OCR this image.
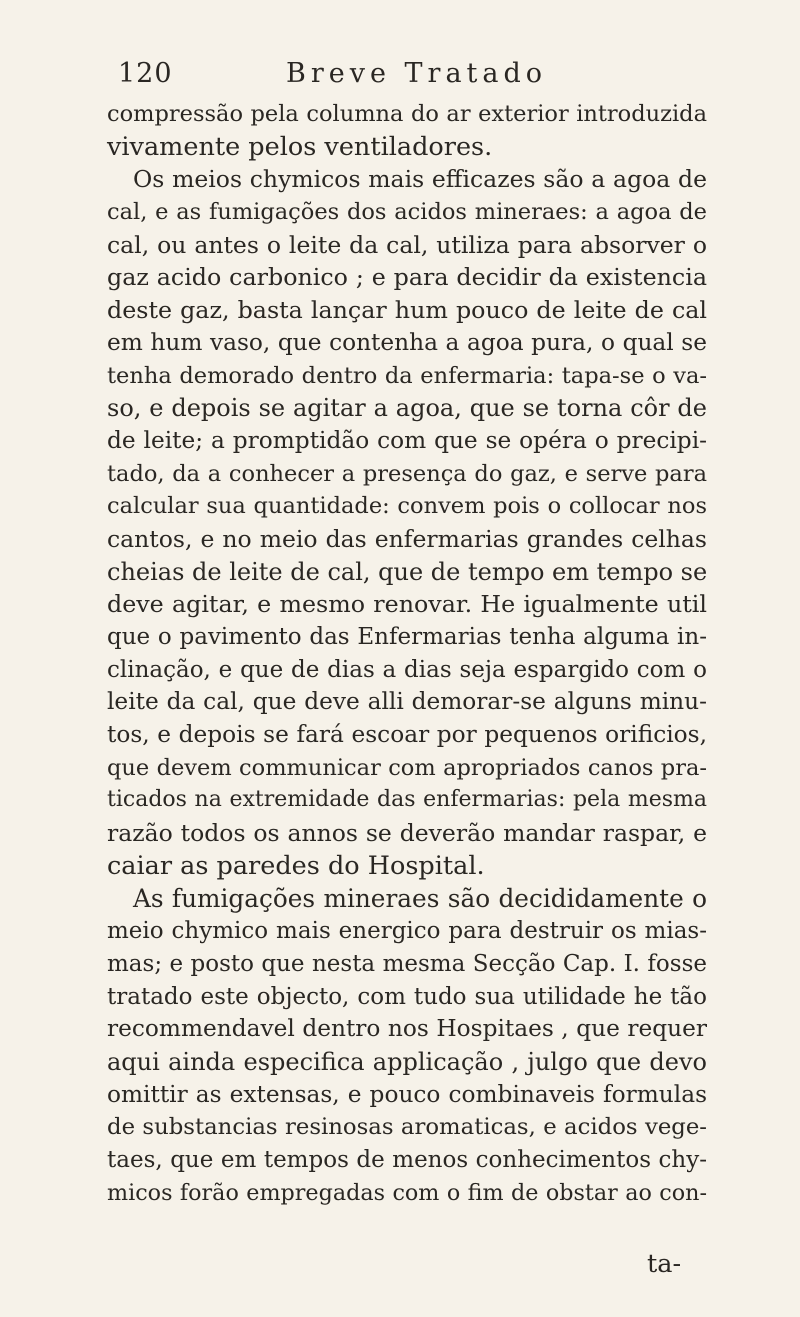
120	Breve Tratado
compressão pela columna do ar exterior introduzida
vivamente pelos ventiladores.
Os meios chymicos mais efficazes são a agoa de
cal, e as fumigações dos acidos mineraes: a agoa de
cal, ou antes o leite da cal, utiliza para absorver o
gaz acido carbonico ; e para decidir da existencia
deste gaz, basta lançar hum pouco de leite de cal
em hum vaso, que contenha a agoa pura, o qual se
tenha demorado dentro da enfermaria: tapa-se o va-
so, e depois se agitar a agoa, que se torna côr de
de leite; a promptidão com que se opéra o precipi-
tado, da a conhecer a presença do gaz, e serve para
calcular sua quantidade: convem pois o collocar nos
cantos, e no meio das enfermarias grandes celhas
cheias de leite de cal, que de tempo em tempo se
deve agitar, e mesmo renovar. He igualmente util
que o pavimento das Enfermarias tenha alguma in-
clinação, e que de dias a dias seja espargido com o
leite da cal, que deve alli demorar-se alguns minu-
tos, e depois se fará escoar por pequenos orificios,
que devem communicar com apropriados canos pra-
ticados na extremidade das enfermarias: pela mesma
razão todos os annos se deverão mandar raspar, e
caiar as paredes do Hospital.
As fumigações mineraes são decididamente o
meio chymico mais energico para destruir os mias-
mas; e posto que nesta mesma Secção Cap. I. fosse
tratado este objecto, com tudo sua utilidade he tão
recommendavel dentro nos Hospitaes , que requer
aqui ainda especifica applicação , julgo que devo
omittir as extensas, e pouco combinaveis formulas
de substancias resinosas aromaticas, e acidos vege-
taes, que em tempos de menos conhecimentos chy-
micos forão empregadas com o fim de obstar ao con-
ta-
